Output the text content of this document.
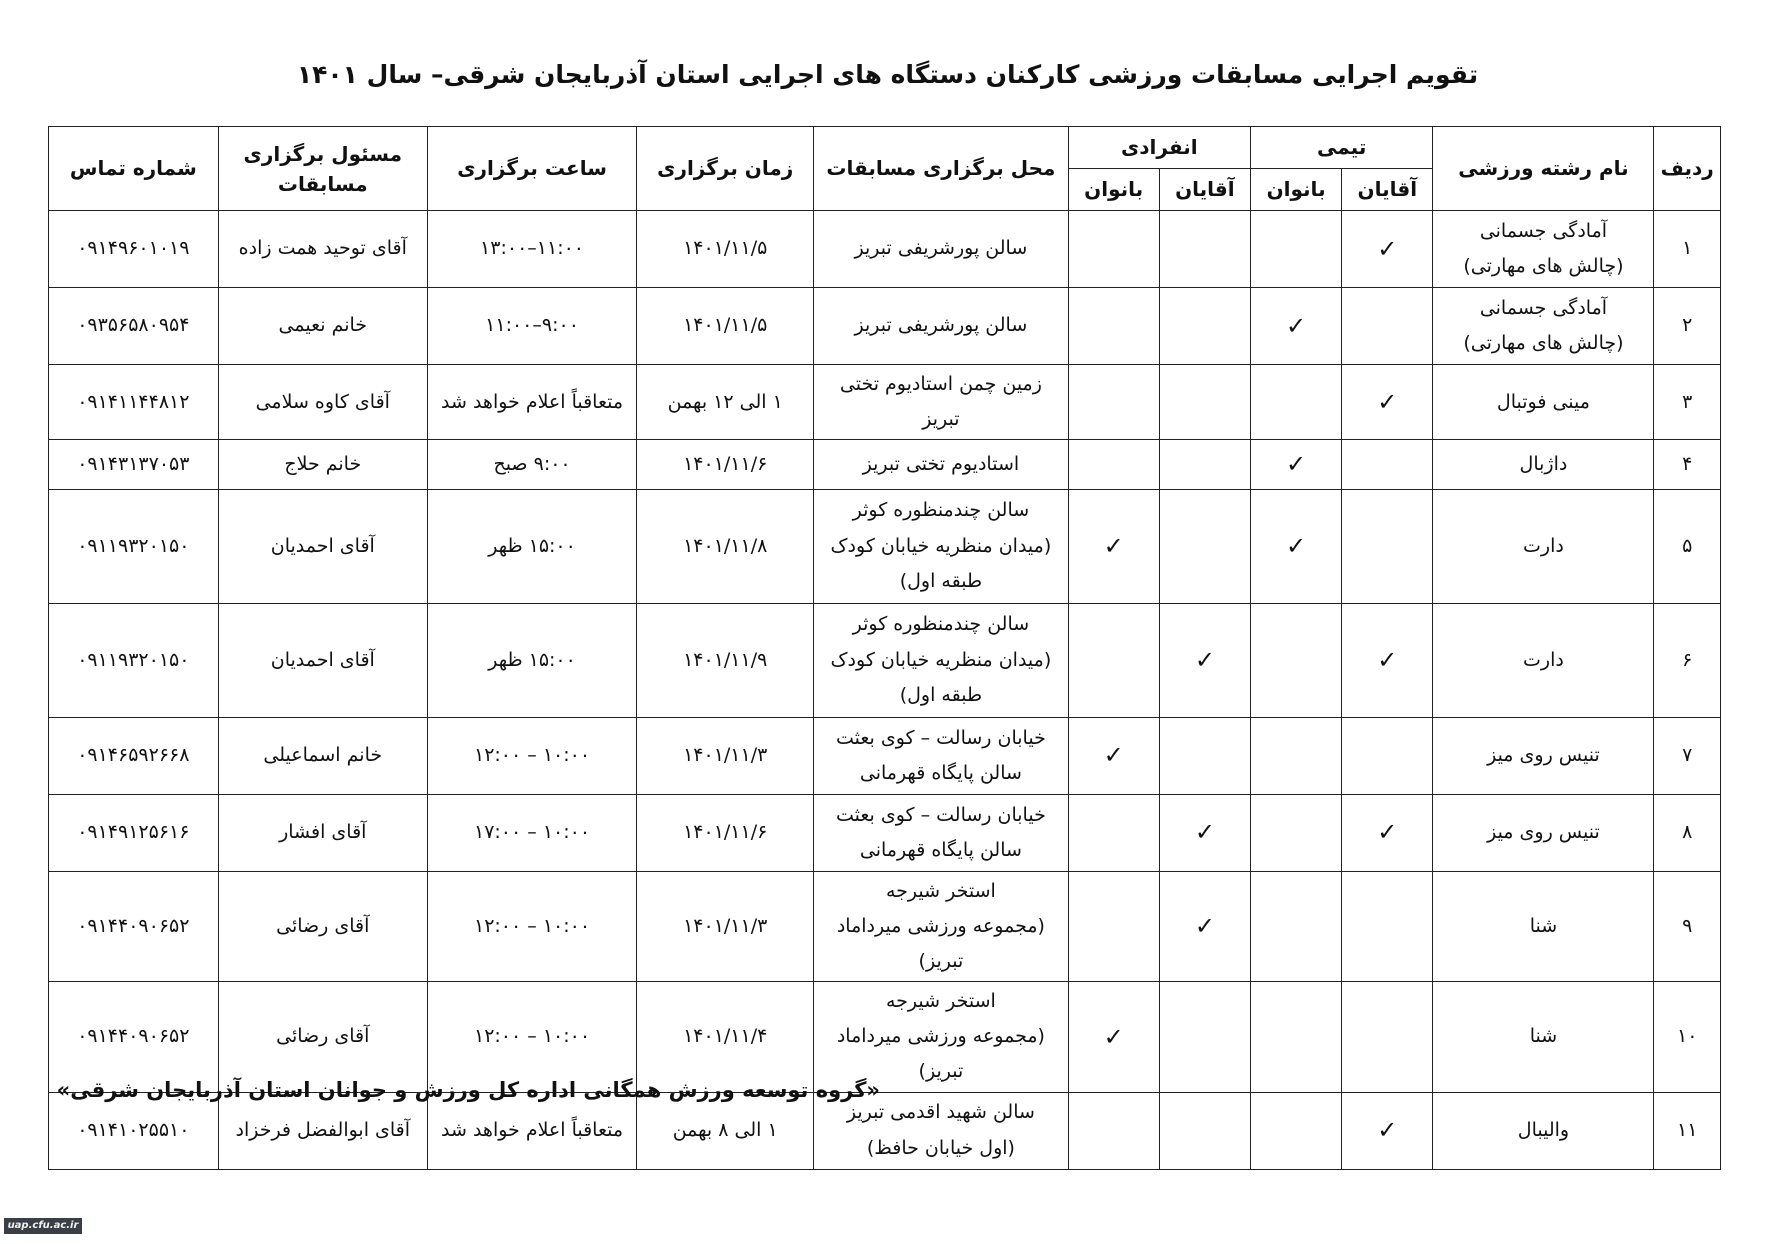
تقویم اجرایی مسابقات ورزشی کارکنان دستگاه های اجرایی استان آذربایجان شرقی– سال ۱۴۰۱
ردیف	نام رشته ورزشی	تیمی		انفرادی		محل برگزاری مسابقات	زمان برگزاری	ساعت برگزاری	مسئول برگزاری مسابقات	شماره تماس
		آقایان	بانوان	آقایان	بانوان					
۱	آمادگی جسمانی
(چالش های مهارتی)	✓				سالن پورشریفی تبریز	۱۴۰۱/۱۱/۵	۱۱:۰۰–۱۳:۰۰	آقای توحید همت زاده	۰۹۱۴۹۶۰۱۰۱۹
۲	آمادگی جسمانی
(چالش های مهارتی)		✓			سالن پورشریفی تبریز	۱۴۰۱/۱۱/۵	۹:۰۰–۱۱:۰۰	خانم نعیمی	۰۹۳۵۶۵۸۰۹۵۴
۳	مینی فوتبال	✓				زمین چمن استادیوم تختی تبریز	۱ الی ۱۲ بهمن	متعاقباً اعلام خواهد شد	آقای کاوه سلامی	۰۹۱۴۱۱۴۴۸۱۲
۴	داژبال		✓			استادیوم تختی تبریز	۱۴۰۱/۱۱/۶	۹:۰۰ صبح	خانم حلاج	۰۹۱۴۳۱۳۷۰۵۳
۵	دارت		✓		✓	سالن چندمنظوره کوثر
(میدان منظریه خیابان کودک
طبقه اول)	۱۴۰۱/۱۱/۸	۱۵:۰۰ ظهر	آقای احمدیان	۰۹۱۱۹۳۲۰۱۵۰
۶	دارت	✓		✓		سالن چندمنظوره کوثر
(میدان منظریه خیابان کودک
طبقه اول)	۱۴۰۱/۱۱/۹	۱۵:۰۰ ظهر	آقای احمدیان	۰۹۱۱۹۳۲۰۱۵۰
۷	تنیس روی میز				✓	خیابان رسالت – کوی بعثت
سالن پایگاه قهرمانی	۱۴۰۱/۱۱/۳	۱۰:۰۰ – ۱۲:۰۰	خانم اسماعیلی	۰۹۱۴۶۵۹۲۶۶۸
۸	تنیس روی میز	✓		✓		خیابان رسالت – کوی بعثت
سالن پایگاه قهرمانی	۱۴۰۱/۱۱/۶	۱۰:۰۰ – ۱۷:۰۰	آقای افشار	۰۹۱۴۹۱۲۵۶۱۶
۹	شنا			✓		استخر شیرجه
(مجموعه ورزشی میرداماد تبریز)	۱۴۰۱/۱۱/۳	۱۰:۰۰ – ۱۲:۰۰	آقای رضائی	۰۹۱۴۴۰۹۰۶۵۲
۱۰	شنا				✓	استخر شیرجه
(مجموعه ورزشی میرداماد تبریز)	۱۴۰۱/۱۱/۴	۱۰:۰۰ – ۱۲:۰۰	آقای رضائی	۰۹۱۴۴۰۹۰۶۵۲
۱۱	والیبال	✓				سالن شهید اقدمی تبریز
(اول خیابان حافظ)	۱ الی ۸ بهمن	متعاقباً اعلام خواهد شد	آقای ابوالفضل فرخزاد	۰۹۱۴۱۰۲۵۵۱۰
«گروه توسعه ورزش همگانی اداره کل ورزش و جوانان استان آذربایجان شرقی»
uap.cfu.ac.ir
